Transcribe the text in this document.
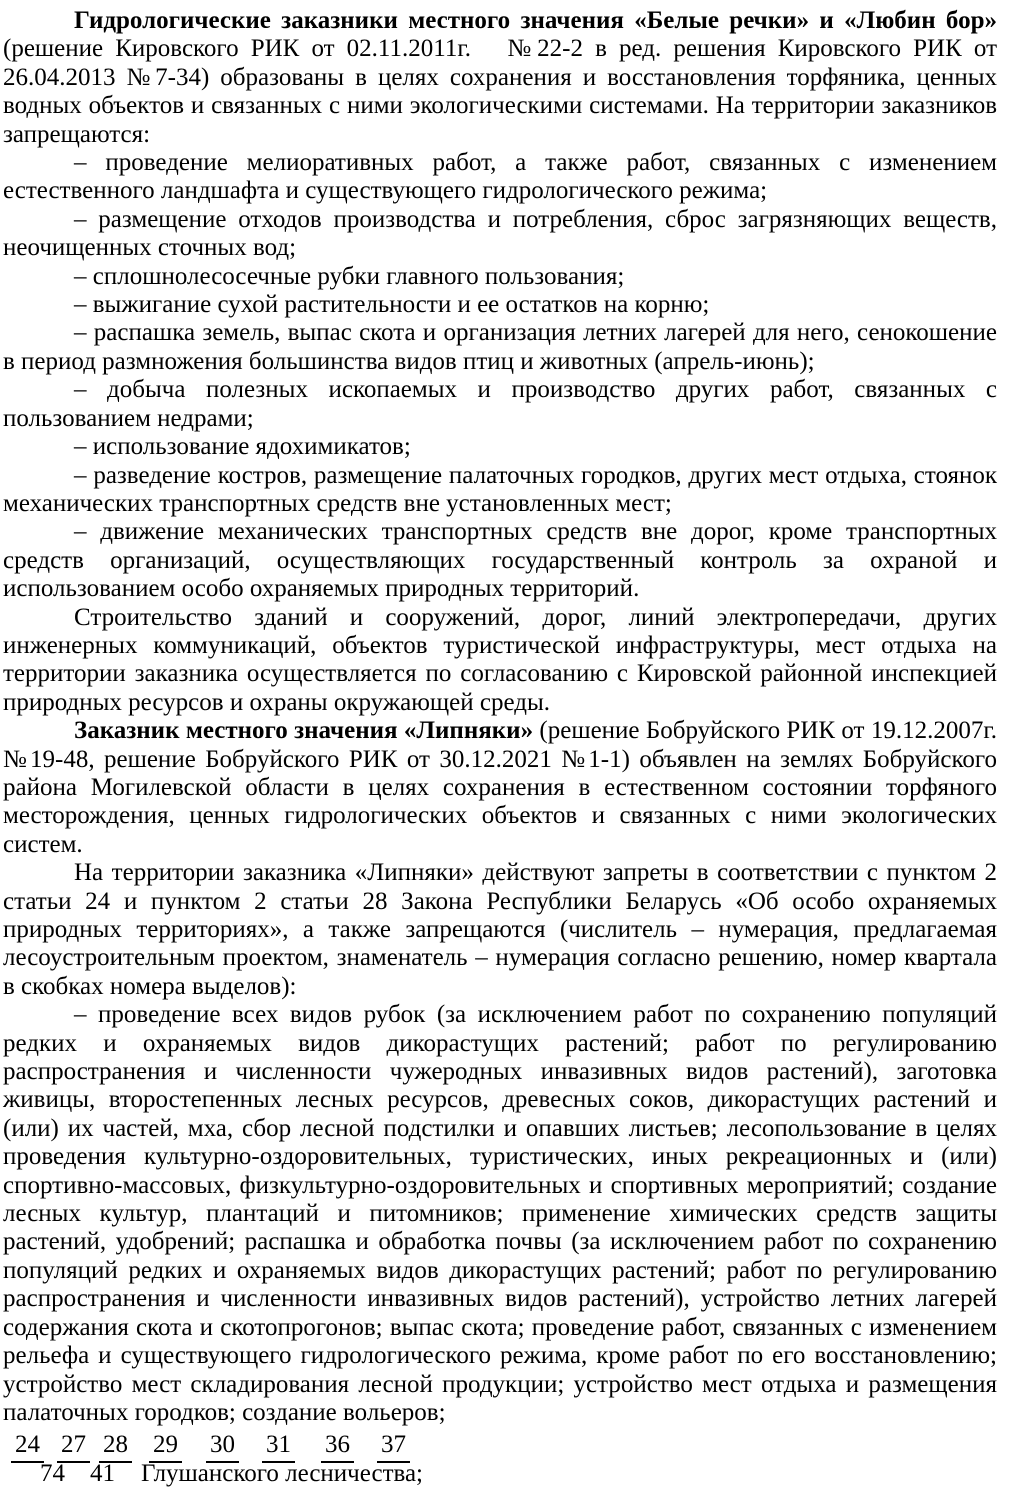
Гидрологические заказники местного значения «Белые речки» и «Любин бор» (решение Кировского РИК от 02.11.2011г.   №22-2 в ред. решения Кировского РИК от 26.04.2013 №7-34) образованы в целях сохранения и восстановления торфяника, ценных водных объектов и связанных с ними экологическими системами. На территории заказников запрещаются:

– проведение мелиоративных работ, а также работ, связанных с изменением естественного ландшафта и существующего гидрологического режима;

– размещение отходов производства и потребления, сброс загрязняющих веществ, неочищенных сточных вод;

– сплошнолесосечные рубки главного пользования;

– выжигание сухой растительности и ее остатков на корню;

– распашка земель, выпас скота и организация летних лагерей для него, сенокошение в период размножения большинства видов птиц и животных (апрель-июнь);

– добыча полезных ископаемых и производство других работ, связанных с пользованием недрами;

– использование ядохимикатов;

– разведение костров, размещение палаточных городков, других мест отдыха, стоянок механических транспортных средств вне установленных мест;

– движение механических транспортных средств вне дорог, кроме транспортных средств организаций, осуществляющих государственный контроль за охраной и использованием особо охраняемых природных территорий.

Строительство зданий и сооружений, дорог, линий электропередачи, других инженерных коммуникаций, объектов туристической инфраструктуры, мест отдыха на территории заказника осуществляется по согласованию с Кировской районной инспекцией природных ресурсов и охраны окружающей среды.

Заказник местного значения «Липняки» (решение Бобруйского РИК от 19.12.2007г. №19-48, решение Бобруйского РИК от 30.12.2021 №1-1) объявлен на землях Бобруйского района Могилевской области в целях сохранения в естественном состоянии торфяного месторождения, ценных гидрологических объектов и связанных с ними экологических систем.

На территории заказника «Липняки» действуют запреты в соответствии с пунктом 2 статьи 24 и пунктом 2 статьи 28 Закона Республики Беларусь «Об особо охраняемых природных территориях», а также запрещаются (числитель – нумерация, предлагаемая лесоустроительным проектом, знаменатель – нумерация согласно решению, номер квартала в скобках номера выделов):

– проведение всех видов рубок (за исключением работ по сохранению популяций редких и охраняемых видов дикорастущих растений; работ по регулированию распространения и численности чужеродных инвазивных видов растений), заготовка живицы, второстепенных лесных ресурсов, древесных соков, дикорастущих растений и (или) их частей, мха, сбор лесной подстилки и опавших листьев; лесопользование в целях проведения культурно-оздоровительных, туристических, иных рекреационных и (или) спортивно-массовых, физкультурно-оздоровительных и спортивных мероприятий; создание лесных культур, плантаций и питомников; применение химических средств защиты растений, удобрений; распашка и обработка почвы (за исключением работ по сохранению популяций редких и охраняемых видов дикорастущих растений; работ по регулированию распространения и численности инвазивных видов растений), устройство летних лагерей содержания скота и скотопрогонов; выпас скота; проведение работ, связанных с изменением рельефа и существующего гидрологического режима, кроме работ по его восстановлению; устройство мест складирования лесной продукции; устройство мест отдыха и размещения палаточных городков; создание вольеров;

24 27 28 29 30 31 36 37
74 41 Глушанского лесничества;
